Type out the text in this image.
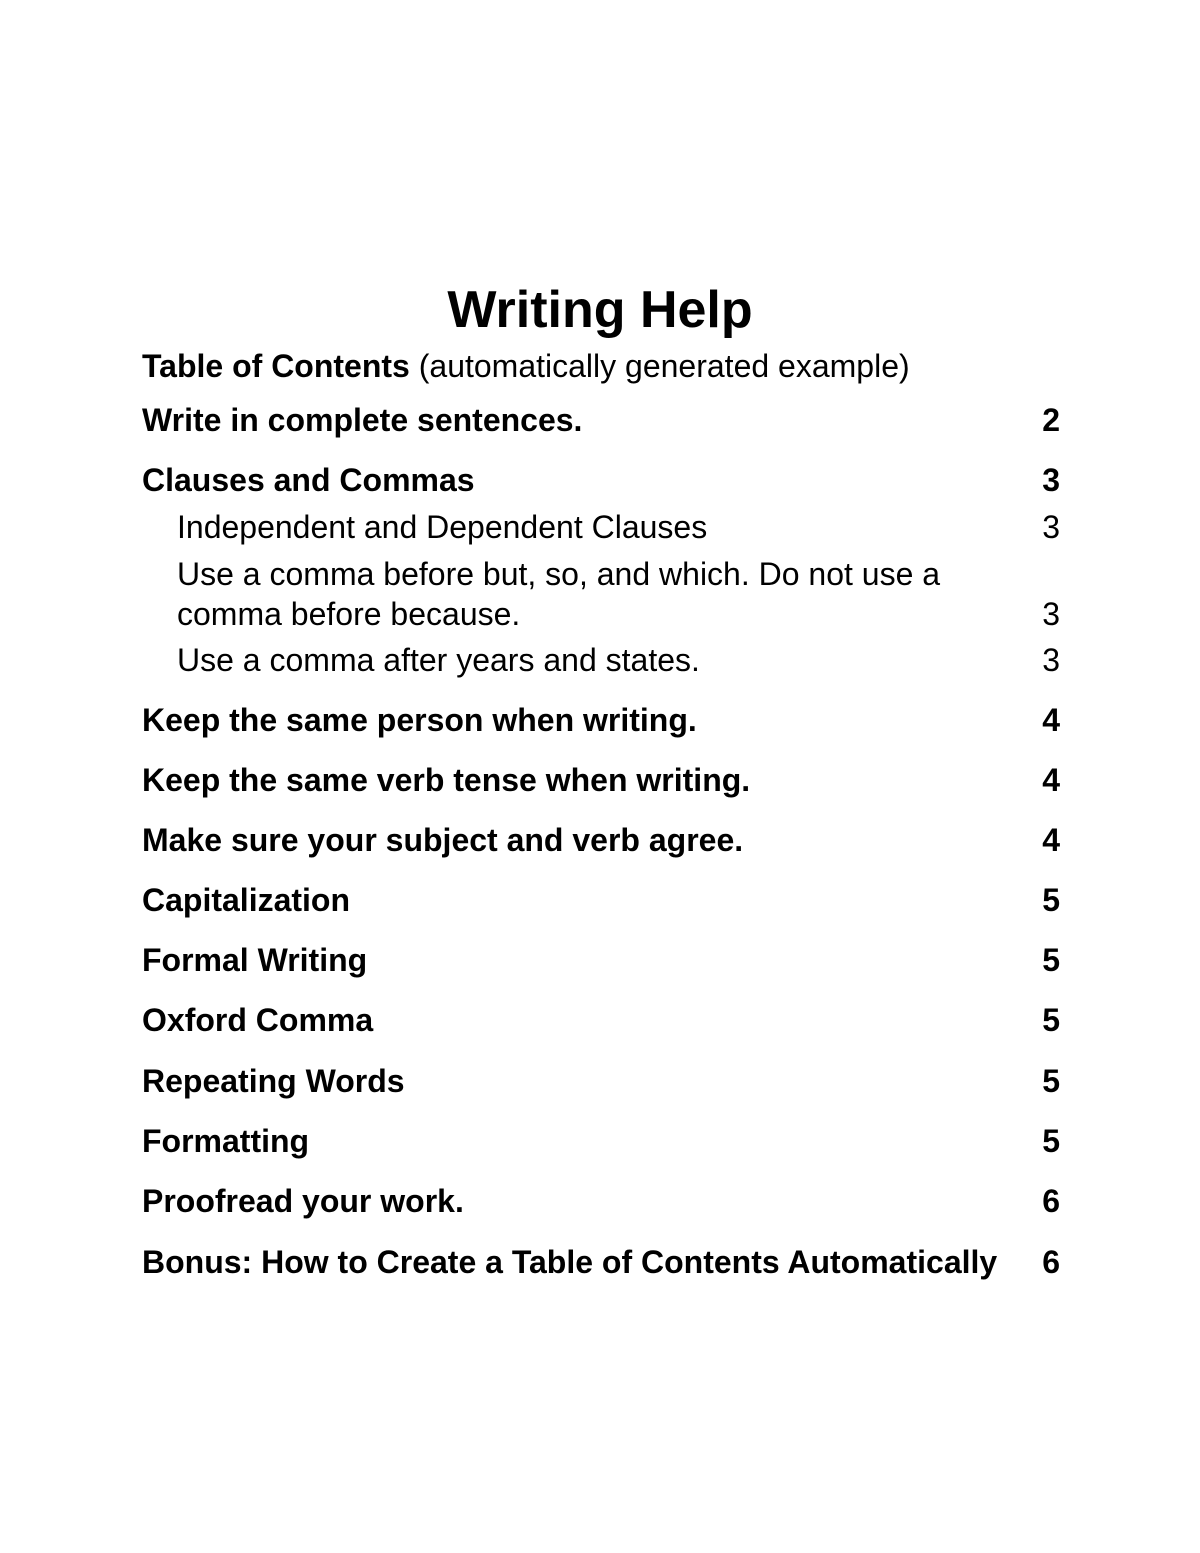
Writing Help

Table of Contents (automatically generated example)

Write in complete sentences.	2
Clauses and Commas	3
Independent and Dependent Clauses	3
Use a comma before but, so, and which. Do not use a comma before because.	3
Use a comma after years and states.	3
Keep the same person when writing.	4
Keep the same verb tense when writing.	4
Make sure your subject and verb agree.	4
Capitalization	5
Formal Writing	5
Oxford Comma	5
Repeating Words	5
Formatting	5
Proofread your work.	6
Bonus: How to Create a Table of Contents Automatically	6
